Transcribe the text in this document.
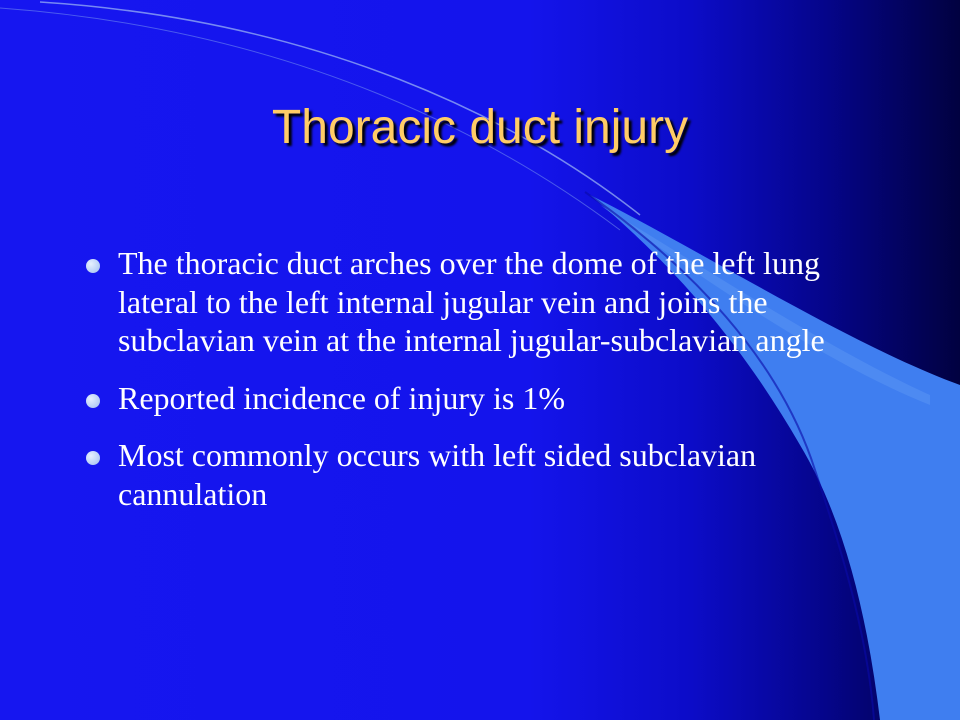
Thoracic duct injury
The thoracic duct arches over the dome of the left lung lateral to the left internal jugular vein and joins the subclavian vein at the internal jugular-subclavian angle
Reported incidence of injury is 1%
Most commonly occurs with left sided subclavian cannulation
